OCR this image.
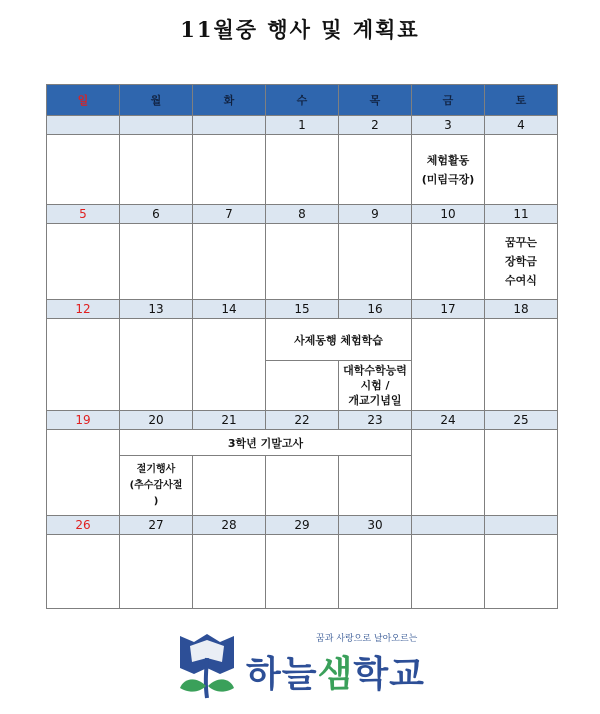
11월중 행사 및 계획표
일	월	화	수	목	금	토
			1	2	3	4

					체험활동
(미림극장)	

5	6	7	8	9	10	11

						꿈꾸는
장학금
수여식

12	13	14	15	16	17	18
			사제동행 체험학습			

				대학수학능력
시험 /
개교기념일		

19	20	21	22	23	24	25
	3학년 기말고사					

	절기행사
(추수감사절
)					

26	27	28	29	30		

꿈과 사랑으로 날아오르는
하늘샘학교
